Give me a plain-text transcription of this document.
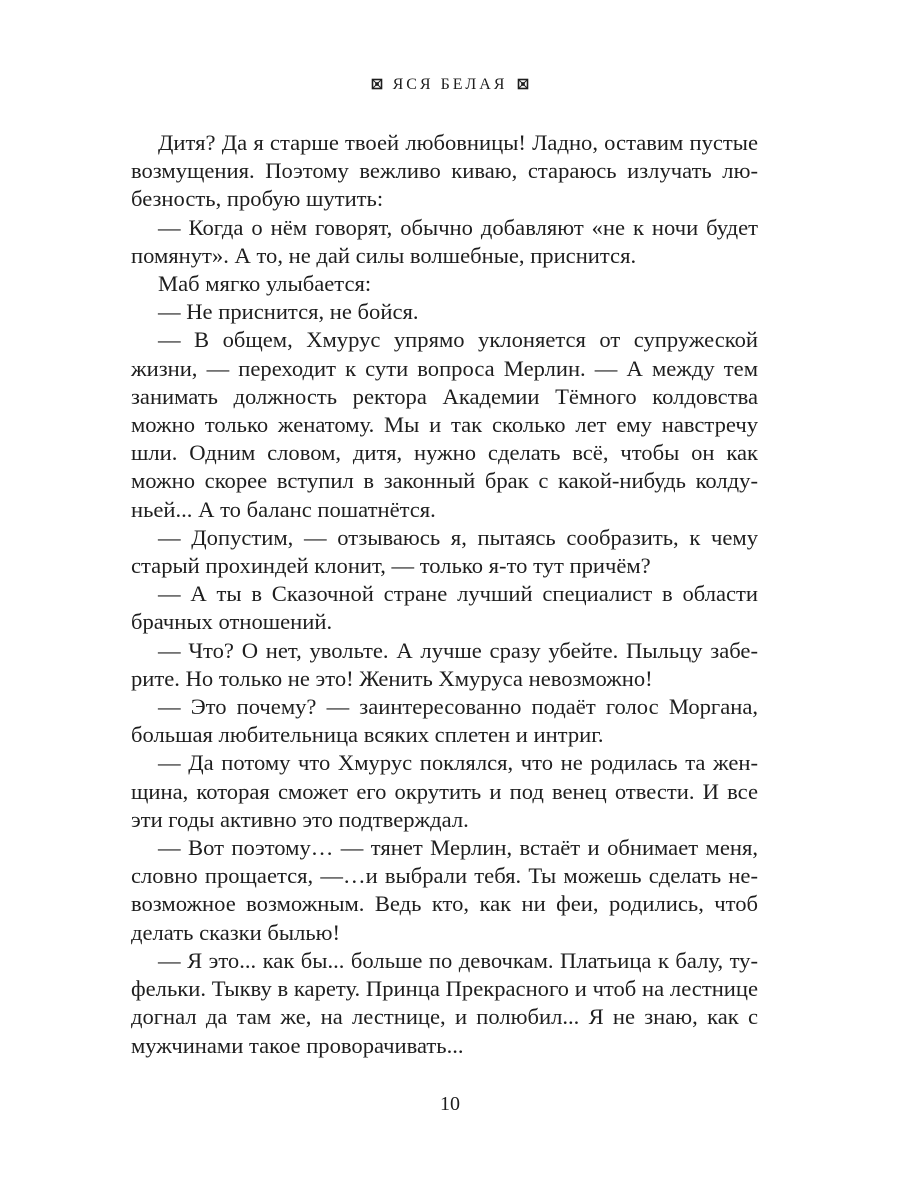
ЯСЯ БЕЛАЯ

Дитя? Да я старше твоей любовницы! Ладно, оставим пустые возмущения. Поэтому вежливо киваю, стараюсь излучать любезность, пробую шутить:

— Когда о нём говорят, обычно добавляют «не к ночи будет помянут». А то, не дай силы волшебные, приснится.

Маб мягко улыбается:

— Не приснится, не бойся.

— В общем, Хмурус упрямо уклоняется от супружеской жизни, — переходит к сути вопроса Мерлин. — А между тем занимать должность ректора Академии Тёмного колдовства можно только женатому. Мы и так сколько лет ему навстречу шли. Одним словом, дитя, нужно сделать всё, чтобы он как можно скорее вступил в законный брак с какой-нибудь колдуньей... А то баланс пошатнётся.

— Допустим, — отзываюсь я, пытаясь сообразить, к чему старый прохиндей клонит, — только я-то тут причём?

— А ты в Сказочной стране лучший специалист в области брачных отношений.

— Что? О нет, увольте. А лучше сразу убейте. Пыльцу заберите. Но только не это! Женить Хмуруса невозможно!

— Это почему? — заинтересованно подаёт голос Моргана, большая любительница всяких сплетен и интриг.

— Да потому что Хмурус поклялся, что не родилась та женщина, которая сможет его окрутить и под венец отвести. И все эти годы активно это подтверждал.

— Вот поэтому… — тянет Мерлин, встаёт и обнимает меня, словно прощается, —…и выбрали тебя. Ты можешь сделать невозможное возможным. Ведь кто, как ни феи, родились, чтоб делать сказки былью!

— Я это... как бы... больше по девочкам. Платьица к балу, туфельки. Тыкву в карету. Принца Прекрасного и чтоб на лестнице догнал да там же, на лестнице, и полюбил... Я не знаю, как с мужчинами такое проворачивать...

10
